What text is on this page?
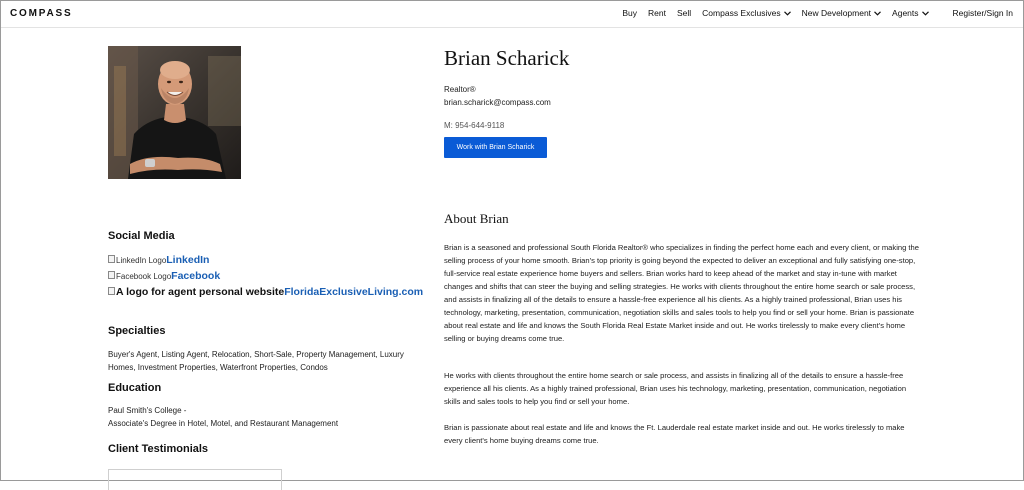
COMPASS	Buy Rent Sell Compass Exclusives New Development Agents	Register/Sign In
Social Media
LinkedIn Logo LinkedIn
Facebook Logo Facebook
A logo for agent personal website FloridaExclusiveLiving.com
Specialties
Buyer's Agent, Listing Agent, Relocation, Short-Sale, Property Management, Luxury Homes, Investment Properties, Waterfront Properties, Condos
Education
Paul Smith's College -
Associate's Degree in Hotel, Motel, and Restaurant Management
Client Testimonials
Brian Scharick
Realtor®
brian.scharick@compass.com
M: 954-644-9118
Work with Brian Scharick
About Brian
Brian is a seasoned and professional South Florida Realtor® who specializes in finding the perfect home each and every client, or making the selling process of your home smooth. Brian's top priority is going beyond the expected to deliver an exceptional and fully satisfying one-stop, full-service real estate experience home buyers and sellers. Brian works hard to keep ahead of the market and stay in-tune with market changes and shifts that can steer the buying and selling strategies. He works with clients throughout the entire home search or sale process, and assists in finalizing all of the details to ensure a hassle-free experience all his clients. As a highly trained professional, Brian uses his technology, marketing, presentation, communication, negotiation skills and sales tools to help you find or sell your home. Brian is passionate about real estate and life and knows the South Florida Real Estate Market inside and out. He works tirelessly to make every client's home selling or buying dreams come true.
He works with clients throughout the entire home search or sale process, and assists in finalizing all of the details to ensure a hassle-free experience all his clients. As a highly trained professional, Brian uses his technology, marketing, presentation, communication, negotiation skills and sales tools to help you find or sell your home.
Brian is passionate about real estate and life and knows the Ft. Lauderdale real estate market inside and out. He works tirelessly to make every client's home buying dreams come true.
